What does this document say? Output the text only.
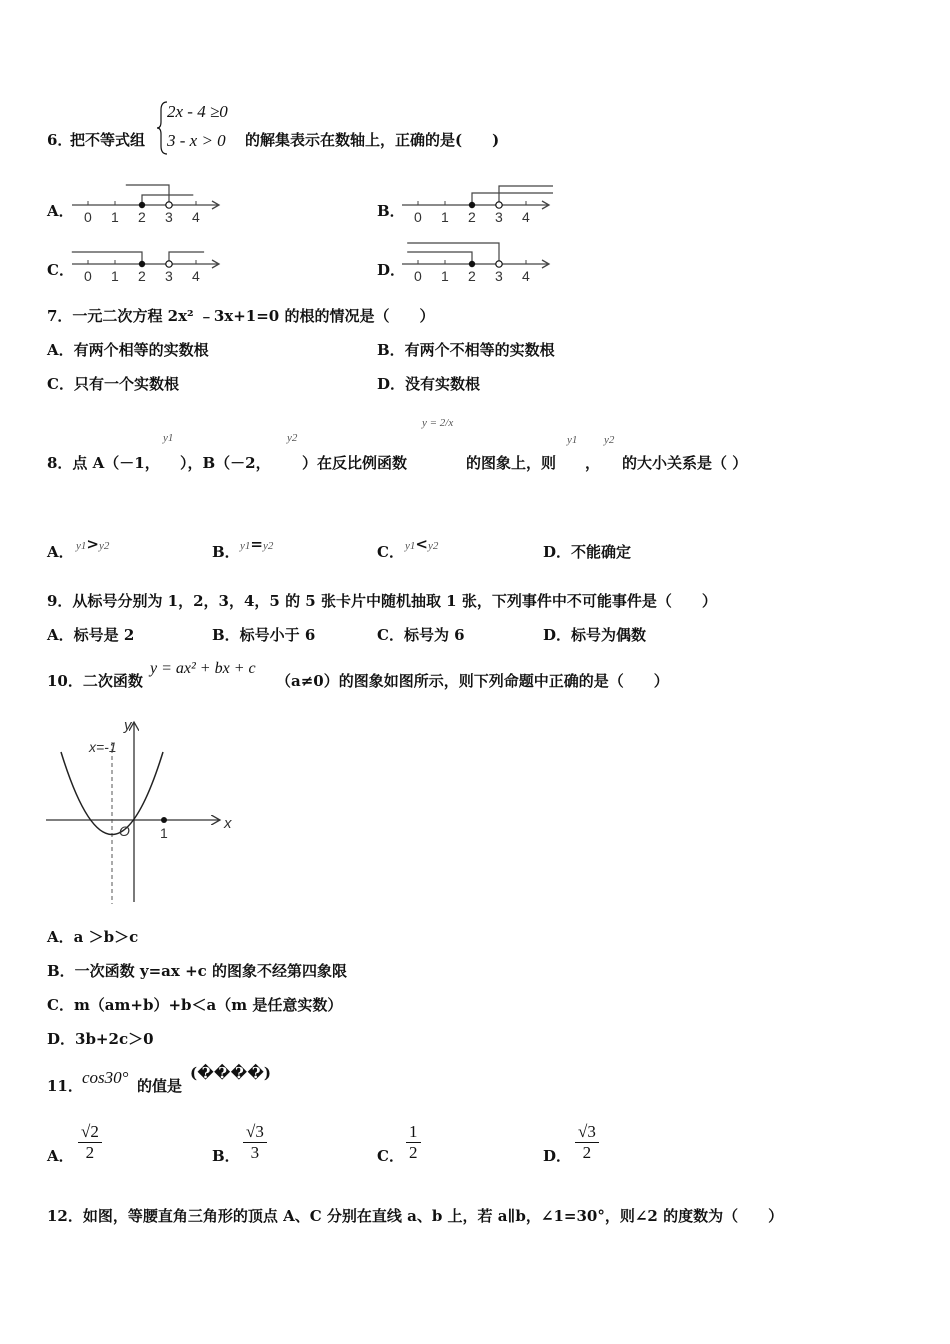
6．
把不等式组
2x - 4 ≥0
3 - x > 0 的解集表示在数轴上，正确的是(　　)
A． 0 1 2 3 4	B． 0 1 2 3 4
C． 0 1 2 3 4	D． 0 1 2 3 4
7．一元二次方程 2x² ﹣3x+1=0 的根的情况是（　　）
A．有两个相等的实数根	B．有两个不相等的实数根
C．只有一个实数根	D．没有实数根
8．点 A（－1，
y1
），B（－2，
y2
）在反比例函数
y = 2/x
的图象上，则
y1
，
y2
的大小关系是（ ）
A． y1>y2	B． y1=y2	C． y1<y2	D．不能确定
9．从标号分别为 1，2，3，4，5 的 5 张卡片中随机抽取 1 张，下列事件中不可能事件是（　　）
A．标号是 2	B．标号小于 6	C．标号为 6	D．标号为偶数
10．二次函数
y = ax² + bx + c
（a≠0）的图象如图所示，则下列命题中正确的是（　　）
x=-1
y
x
O 1
A．a ＞b＞c
B．一次函数 y=ax +c 的图象不经第四象限
C．m（am+b）+b＜a（m 是任意实数）
D．3b+2c＞0
11． cos30° 的值是
(����)
A． $\frac{√2}{2}$	B． $\frac{√3}{3}$	C． $\frac{1}{2}$	D． $\frac{√3}{2}$
12．如图，等腰直角三角形的顶点 A、C 分别在直线 a、b 上，若 a∥b，∠1=30°，则∠2 的度数为（　　）
